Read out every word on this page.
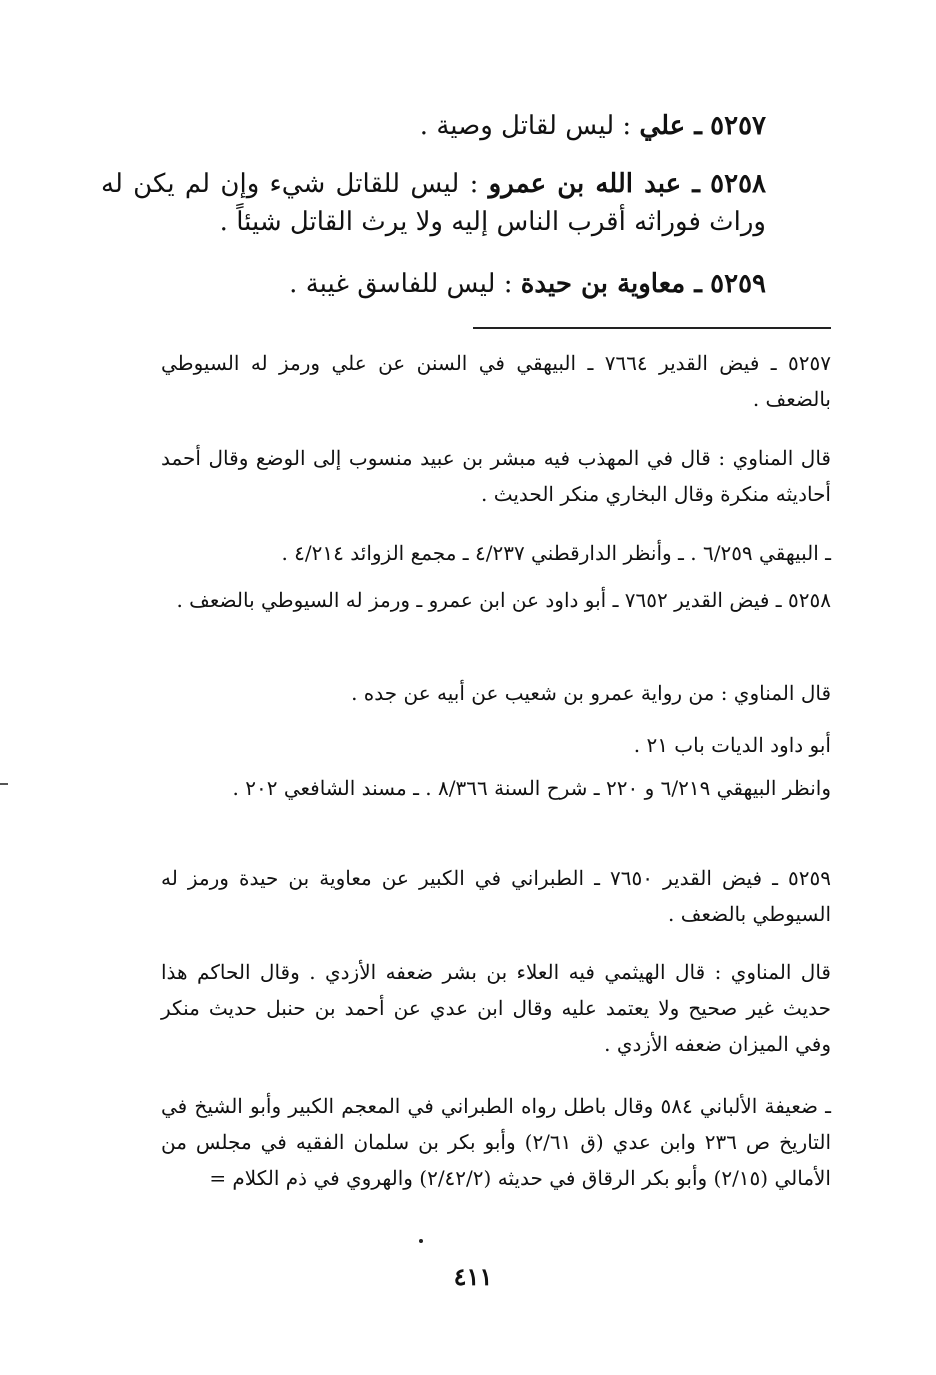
٥٢٥٧ ـ علي : ليس لقاتل وصية .

٥٢٥٨ ـ عبد الله بن عمرو : ليس للقاتل شيء وإن لم يكن له وراث فوراثه أقرب الناس إليه ولا يرث القاتل شيئاً .

٥٢٥٩ ـ معاوية بن حيدة : ليس للفاسق غيبة .

٥٢٥٧ ـ فيض القدير ٧٦٦٤ ـ البيهقي في السنن عن علي ورمز له السيوطي بالضعف .

قال المناوي : قال في المهذب فيه مبشر بن عبيد منسوب إلى الوضع وقال أحمد أحاديثه منكرة وقال البخاري منكر الحديث .

ـ البيهقي ٦/٢٥٩ . ـ وأنظر الدارقطني ٤/٢٣٧ ـ مجمع الزوائد ٤/٢١٤ .

٥٢٥٨ ـ فيض القدير ٧٦٥٢ ـ أبو داود عن ابن عمرو ـ ورمز له السيوطي بالضعف .

قال المناوي : من رواية عمرو بن شعيب عن أبيه عن جده .

أبو داود الديات باب ٢١ .

وانظر البيهقي ٦/٢١٩ و ٢٢٠ ـ شرح السنة ٨/٣٦٦ . ـ مسند الشافعي ٢٠٢ .

٥٢٥٩ ـ فيض القدير ٧٦٥٠ ـ الطبراني في الكبير عن معاوية بن حيدة ورمز له السيوطي بالضعف .

قال المناوي : قال الهيثمي فيه العلاء بن بشر ضعفه الأزدي . وقال الحاكم هذا حديث غير صحيح ولا يعتمد عليه وقال ابن عدي عن أحمد بن حنبل حديث منكر وفي الميزان ضعفه الأزدي .

ـ ضعيفة الألباني ٥٨٤ وقال باطل رواه الطبراني في المعجم الكبير وأبو الشيخ في التاريخ ص ٢٣٦ وابن عدي (ق ٢/٦١) وأبو بكر بن سلمان الفقيه في مجلس من الأمالي (٢/١٥) وأبو بكر الرقاق في حديثه (٢/٤٢/٢) والهروي في ذم الكلام =

٤١١
